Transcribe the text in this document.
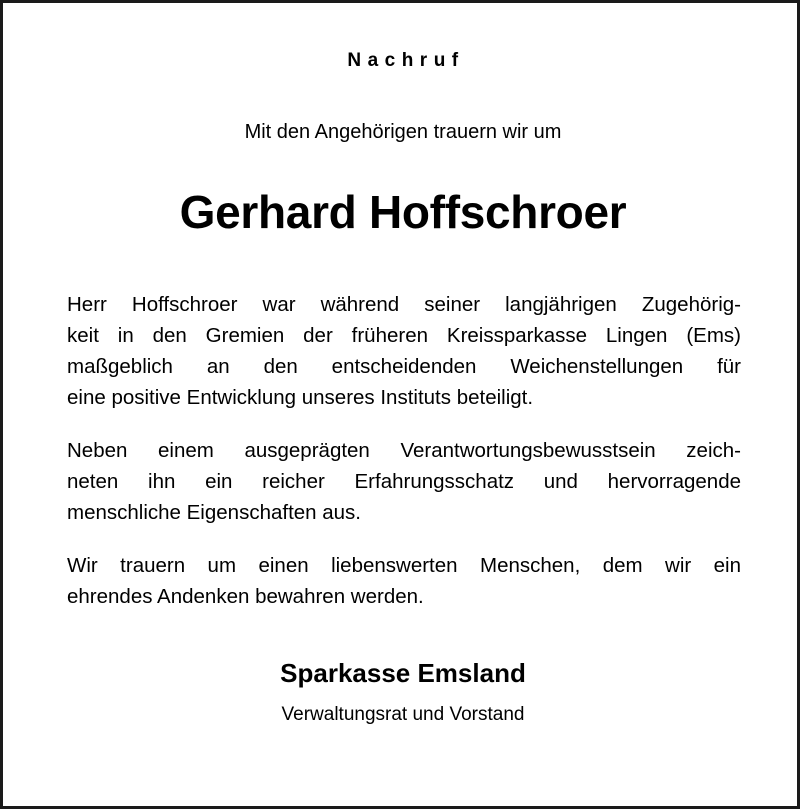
Nachruf
Mit den Angehörigen trauern wir um
Gerhard Hoffschroer

Herr Hoffschroer war während seiner langjährigen Zugehörig-
keit in den Gremien der früheren Kreissparkasse Lingen (Ems)
maßgeblich an den entscheidenden Weichenstellungen für
eine positive Entwicklung unseres Instituts beteiligt.

Neben einem ausgeprägten Verantwortungsbewusstsein zeich-
neten ihn ein reicher Erfahrungsschatz und hervorragende
menschliche Eigenschaften aus.

Wir trauern um einen liebenswerten Menschen, dem wir ein
ehrendes Andenken bewahren werden.

Sparkasse Emsland
Verwaltungsrat und Vorstand
